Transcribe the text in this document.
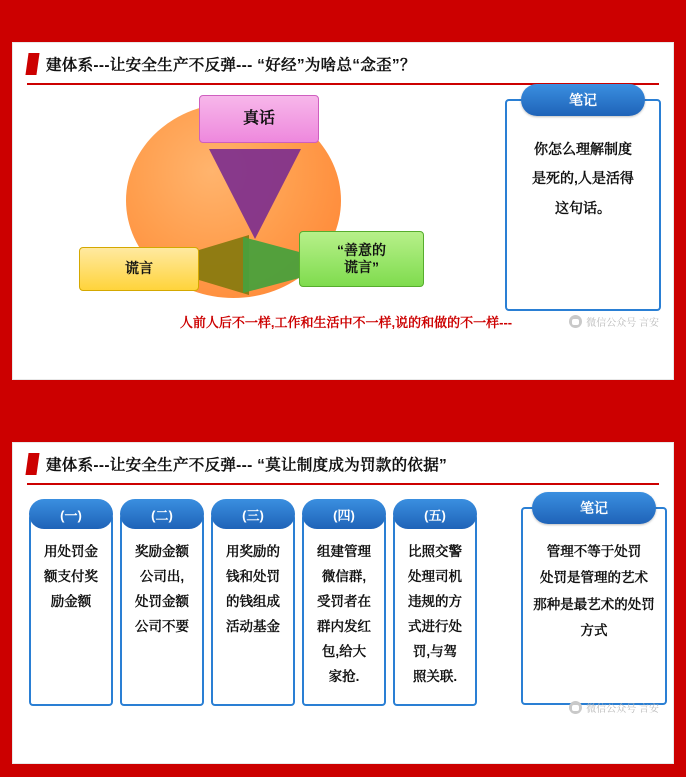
建体系---让安全生产不反弹--- “好经”为啥总“念歪”？
真话
谎言
“善意的
谎言”
笔记
你怎么理解制度
是死的,人是活得
这句话。
人前人后不一样,工作和生活中不一样,说的和做的不一样---	微信公众号 言安
建体系---让安全生产不反弹--- “莫让制度成为罚款的依据”
(一)
用处罚金
额支付奖
励金额
(二)
奖励金额
公司出,
处罚金额
公司不要
(三)
用奖励的
钱和处罚
的钱组成
活动基金
(四)
组建管理
微信群,
受罚者在
群内发红
包,给大
家抢.
(五)
比照交警
处理司机
违规的方
式进行处
罚,与驾
照关联.
笔记
管理不等于处罚
处罚是管理的艺术
那种是最艺术的处罚
方式
微信公众号 言安
